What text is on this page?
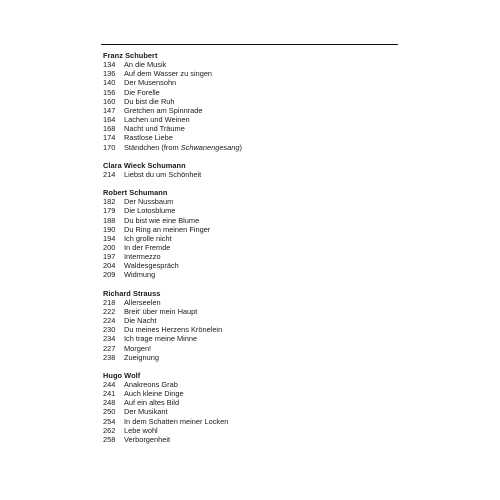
Franz Schubert
134	An die Musik
136	Auf dem Wasser zu singen
140	Der Musensohn
156	Die Forelle
160	Du bist die Ruh
147	Gretchen am Spinnrade
164	Lachen und Weinen
168	Nacht und Träume
174	Rastlose Liebe
170	Ständchen (from Schwanengesang)
Clara Wieck Schumann
214	Liebst du um Schönheit
Robert Schumann
182	Der Nussbaum
179	Die Lotosblume
188	Du bist wie eine Blume
190	Du Ring an meinen Finger
194	Ich grolle nicht
200	In der Fremde
197	Intermezzo
204	Waldesgespräch
209	Widmung
Richard Strauss
218	Allerseelen
222	Breit' über mein Haupt
224	Die Nacht
230	Du meines Herzens Krönelein
234	Ich trage meine Minne
227	Morgen!
238	Zueignung
Hugo Wolf
244	Anakreons Grab
241	Auch kleine Dinge
248	Auf ein altes Bild
250	Der Musikant
254	In dem Schatten meiner Locken
262	Lebe wohl
258	Verborgenheit
